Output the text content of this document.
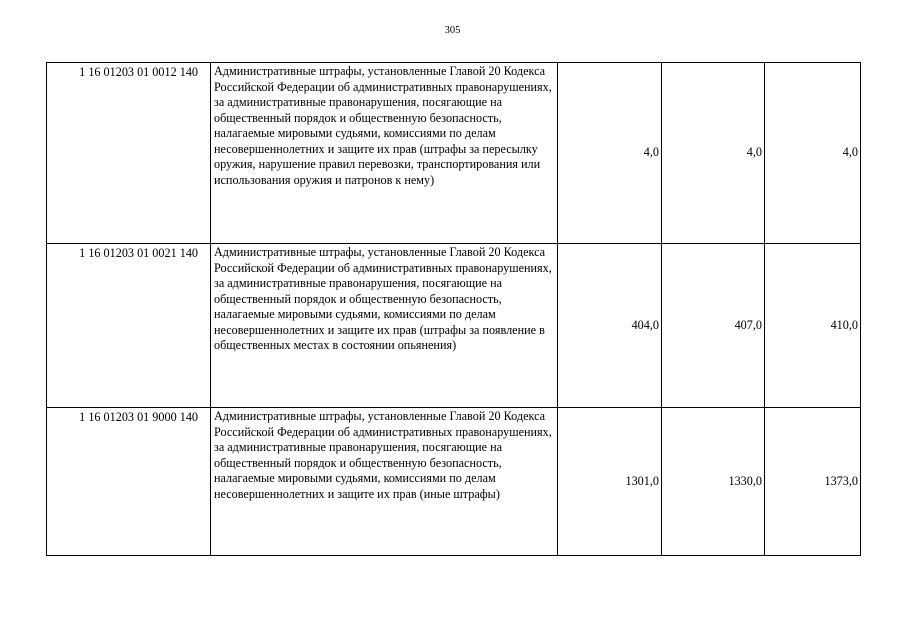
305
1 16 01203 01 0012 140	Административные штрафы, установленные Главой 20 Кодекса Российской Федерации об административных правонарушениях, за административные правонарушения, посягающие на общественный порядок и общественную безопасность, налагаемые мировыми судьями, комиссиями по делам несовершеннолетних и защите их прав (штрафы за пересылку оружия, нарушение правил перевозки, транспортирования или использования оружия и патронов к нему)	4,0	4,0	4,0
1 16 01203 01 0021 140	Административные штрафы, установленные Главой 20 Кодекса Российской Федерации об административных правонарушениях, за административные правонарушения, посягающие на общественный порядок и общественную безопасность, налагаемые мировыми судьями, комиссиями по делам несовершеннолетних и защите их прав (штрафы за появление в общественных местах в состоянии опьянения)	404,0	407,0	410,0
1 16 01203 01 9000 140	Административные штрафы, установленные Главой 20 Кодекса Российской Федерации об административных правонарушениях, за административные правонарушения, посягающие на общественный порядок и общественную безопасность, налагаемые мировыми судьями, комиссиями по делам несовершеннолетних и защите их прав (иные штрафы)	1301,0	1330,0	1373,0
